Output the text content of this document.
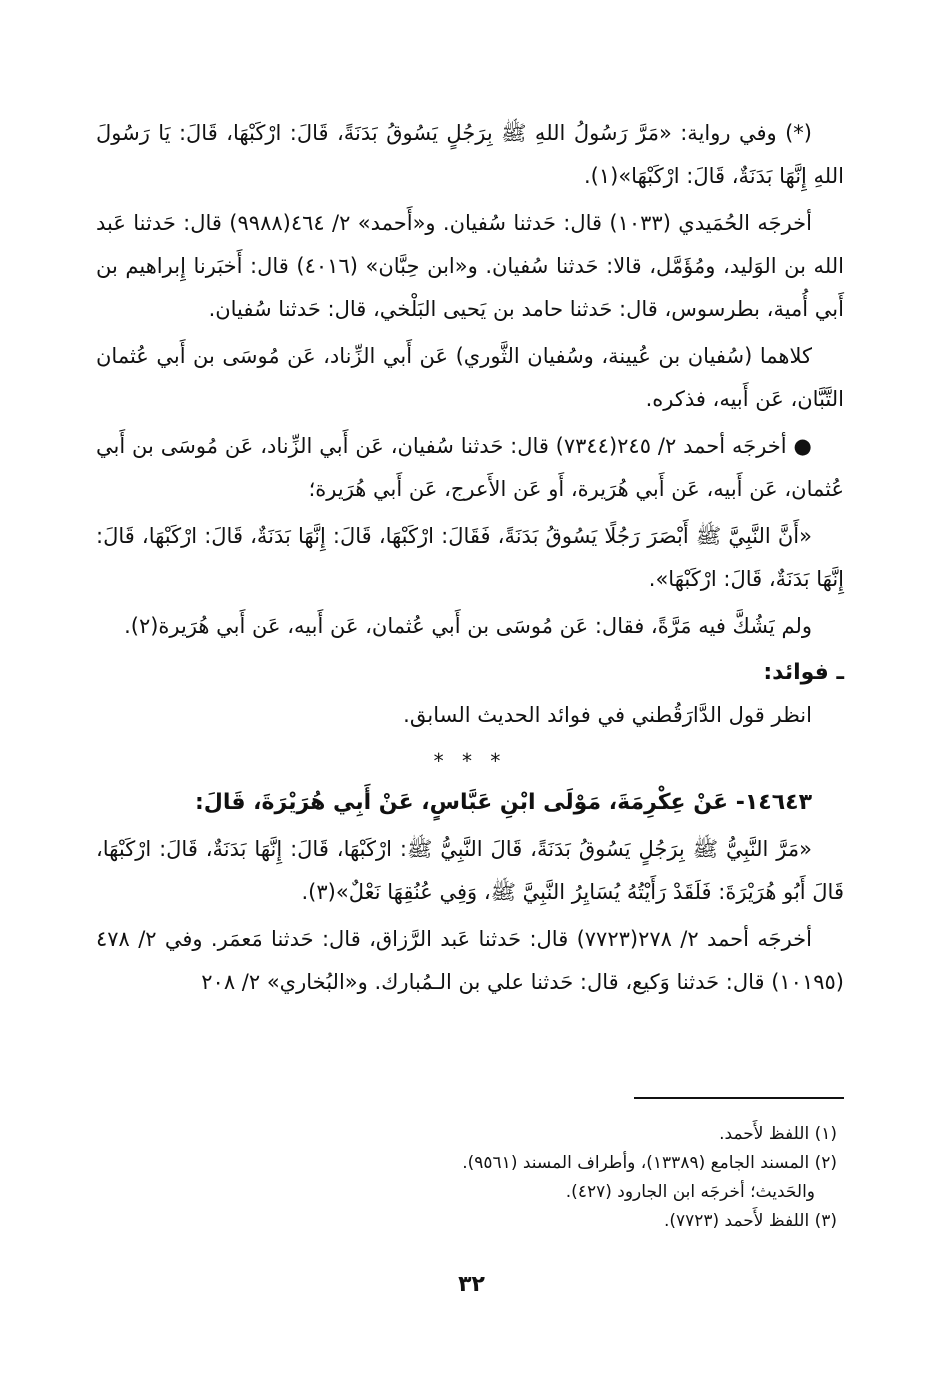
(*) وفي رواية: «مَرَّ رَسُولُ اللهِ ﷺ بِرَجُلٍ يَسُوقُ بَدَنَةً، قَالَ: ارْكَبْهَا، قَالَ: يَا رَسُولَ اللهِ إِنَّهَا بَدَنَةٌ، قَالَ: ارْكَبْهَا»(١).

أخرجَه الحُمَيدي (١٠٣٣) قال: حَدثنا سُفيان. و«أَحمد» ٢/ ٤٦٤(٩٩٨٨) قال: حَدثنا عَبد الله بن الوَليد، ومُؤَمَّل، قالا: حَدثنا سُفيان. و«ابن حِبَّان» (٤٠١٦) قال: أَخبَرنا إِبراهيم بن أَبي أُمية، بطرسوس، قال: حَدثنا حامد بن يَحيى البَلْخي، قال: حَدثنا سُفيان.

كلاهما (سُفيان بن عُيينة، وسُفيان الثَّوري) عَن أَبي الزِّناد، عَن مُوسَى بن أَبي عُثمان التَّبَّان، عَن أَبيه، فذكره.

● أخرجَه أحمد ٢/ ٢٤٥(٧٣٤٤) قال: حَدثنا سُفيان، عَن أَبي الزِّناد، عَن مُوسَى بن أَبي عُثمان، عَن أَبيه، عَن أَبي هُرَيرة، أَو عَن الأَعرج، عَن أَبي هُرَيرة؛

«أَنَّ النَّبِيَّ ﷺ أَبْصَرَ رَجُلًا يَسُوقُ بَدَنَةً، فَقَالَ: ارْكَبْهَا، قَالَ: إِنَّهَا بَدَنَةٌ، قَالَ: ارْكَبْهَا، قَالَ: إِنَّهَا بَدَنَةٌ، قَالَ: ارْكَبْهَا».

ولم يَشُكَّ فيه مَرَّةً، فقال: عَن مُوسَى بن أَبي عُثمان، عَن أَبيه، عَن أَبي هُرَيرة(٢).

ـ فوائد:

انظر قول الدَّارَقُطني في فوائد الحديث السابق.

* * *

١٤٦٤٣- عَنْ عِكْرِمَةَ، مَوْلَى ابْنِ عَبَّاسٍ، عَنْ أَبِي هُرَيْرَةَ، قَالَ:

«مَرَّ النَّبِيُّ ﷺ بِرَجُلٍ يَسُوقُ بَدَنَةً، قَالَ النَّبِيُّ ﷺ: ارْكَبْهَا، قَالَ: إِنَّهَا بَدَنَةٌ، قَالَ: ارْكَبْهَا، قَالَ أَبُو هُرَيْرَةَ: فَلَقَدْ رَأَيْتُهُ يُسَايِرُ النَّبِيَّ ﷺ، وَفِي عُنُقِهَا نَعْلٌ»(٣).

أخرجَه أحمد ٢/ ٢٧٨(٧٧٢٣) قال: حَدثنا عَبد الرَّزاق، قال: حَدثنا مَعمَر. وفي ٢/ ٤٧٨ (١٠١٩٥) قال: حَدثنا وَكيع، قال: حَدثنا علي بن الـمُبارك. و«البُخاري» ٢/ ٢٠٨

(١) اللفظ لأَحمد.

(٢) المسند الجامع (١٣٣٨٩)، وأطراف المسند (٩٥٦١).

والحَديث؛ أخرجَه ابن الجارود (٤٢٧).

(٣) اللفظ لأَحمد (٧٧٢٣).

٣٢
